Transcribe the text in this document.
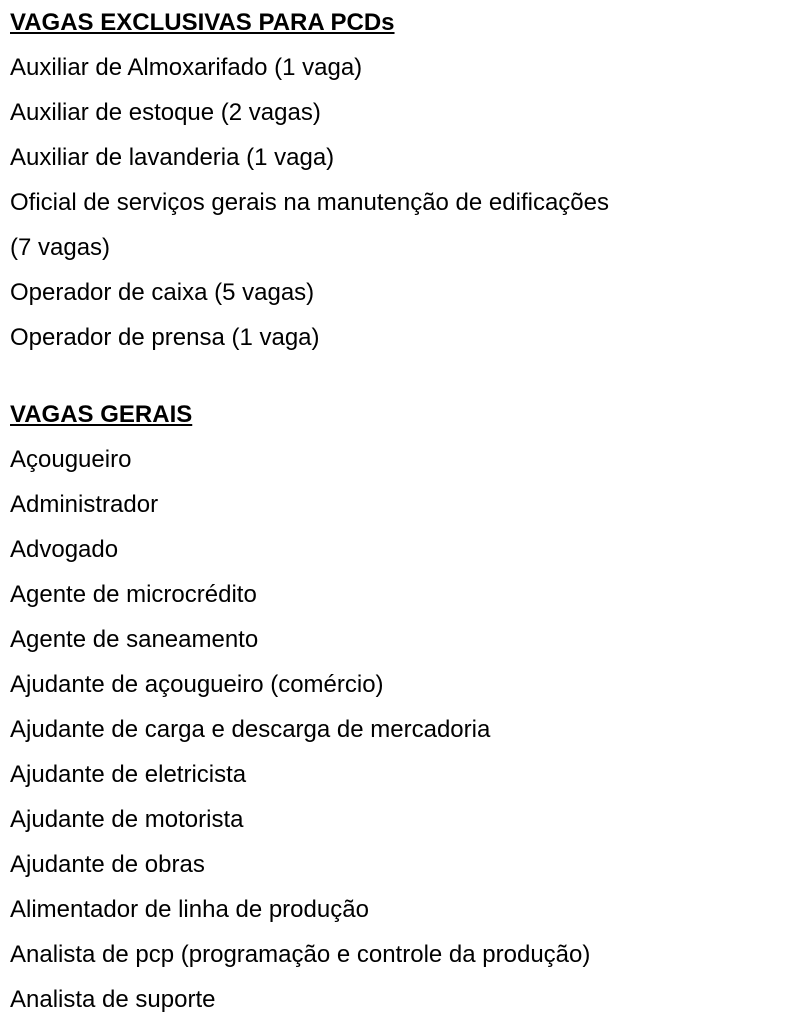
VAGAS EXCLUSIVAS PARA PCDs
Auxiliar de Almoxarifado (1 vaga)
Auxiliar de estoque (2 vagas)
Auxiliar de lavanderia (1 vaga)
Oficial de serviços gerais na manutenção de edificações
(7 vagas)
Operador de caixa (5 vagas)
Operador de prensa (1 vaga)
VAGAS GERAIS
Açougueiro
Administrador
Advogado
Agente de microcrédito
Agente de saneamento
Ajudante de açougueiro (comércio)
Ajudante de carga e descarga de mercadoria
Ajudante de eletricista
Ajudante de motorista
Ajudante de obras
Alimentador de linha de produção
Analista de pcp (programação e controle da produção)
Analista de suporte
